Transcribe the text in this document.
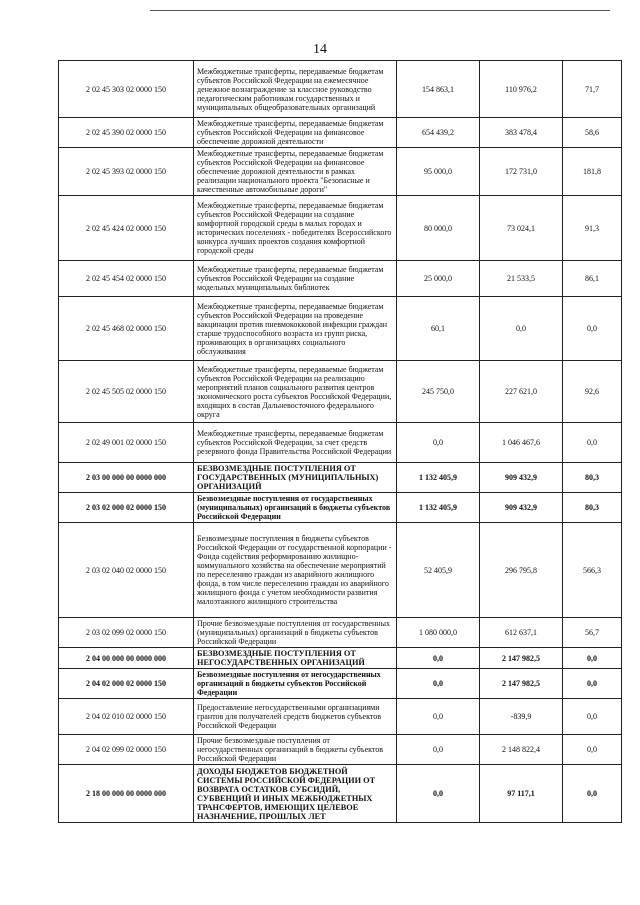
14
2 02 45 303 02 0000 150	Межбюджетные трансферты, передаваемые бюджетам субъектов Российской Федерации на ежемесячное денежное вознаграждение за классное руководство педагогическим работникам государственных и муниципальных общеобразовательных организаций	154 863,1	110 976,2	71,7
2 02 45 390 02 0000 150	Межбюджетные трансферты, передаваемые бюджетам субъектов Российской Федерации на финансовое обеспечение дорожной деятельности	654 439,2	383 478,4	58,6
2 02 45 393 02 0000 150	Межбюджетные трансферты, передаваемые бюджетам субъектов Российской Федерации на финансовое обеспечение дорожной деятельности в рамках реализации национального проекта "Безопасные и качественные автомобильные дороги"	95 000,0	172 731,0	181,8
2 02 45 424 02 0000 150	Межбюджетные трансферты, передаваемые бюджетам субъектов Российской Федерации на создание комфортной городской среды в малых городах и исторических поселениях - победителях Всероссийского конкурса лучших проектов создания комфортной городской среды	80 000,0	73 024,1	91,3
2 02 45 454 02 0000 150	Межбюджетные трансферты, передаваемые бюджетам субъектов Российской Федерации на создание модельных муниципальных библиотек	25 000,0	21 533,5	86,1
2 02 45 468 02 0000 150	Межбюджетные трансферты, передаваемые бюджетам субъектов Российской Федерации на проведение вакцинации против пневмококковой инфекции граждан старше трудоспособного возраста из групп риска, проживающих в организациях социального обслуживания	60,1	0,0	0,0
2 02 45 505 02 0000 150	Межбюджетные трансферты, передаваемые бюджетам субъектов Российской Федерации на реализацию мероприятий планов социального развития центров экономического роста субъектов Российской Федерации, входящих в состав Дальневосточного федерального округа	245 750,0	227 621,0	92,6
2 02 49 001 02 0000 150	Межбюджетные трансферты, передаваемые бюджетам субъектов Российской Федерации, за счет средств резервного фонда Правительства Российской Федерации	0,0	1 046 467,6	0,0
2 03 00 000 00 0000 000	БЕЗВОЗМЕЗДНЫЕ ПОСТУПЛЕНИЯ ОТ ГОСУДАРСТВЕННЫХ (МУНИЦИПАЛЬНЫХ) ОРГАНИЗАЦИЙ	1 132 405,9	909 432,9	80,3
2 03 02 000 02 0000 150	Безвозмездные поступления от государственных (муниципальных) организаций в бюджеты субъектов Российской Федерации	1 132 405,9	909 432,9	80,3
2 03 02 040 02 0000 150	Безвозмездные поступления в бюджеты субъектов Российской Федерации от государственной корпорации - Фонда содействия реформированию жилищно-коммунального хозяйства на обеспечение мероприятий по переселению граждан из аварийного жилищного фонда, в том числе переселению граждан из аварийного жилищного фонда с учетом необходимости развития малоэтажного жилищного строительства	52 405,9	296 795,8	566,3
2 03 02 099 02 0000 150	Прочие безвозмездные поступления от государственных (муниципальных) организаций в бюджеты субъектов Российской Федерации	1 080 000,0	612 637,1	56,7
2 04 00 000 00 0000 000	БЕЗВОЗМЕЗДНЫЕ ПОСТУПЛЕНИЯ ОТ НЕГОСУДАРСТВЕННЫХ ОРГАНИЗАЦИЙ	0,0	2 147 982,5	0,0
2 04 02 000 02 0000 150	Безвозмездные поступления от негосударственных организаций в бюджеты субъектов Российской Федерации	0,0	2 147 982,5	0,0
2 04 02 010 02 0000 150	Предоставление негосударственными организациями грантов для получателей средств бюджетов субъектов Российской Федерации	0,0	-839,9	0,0
2 04 02 099 02 0000 150	Прочие безвозмездные поступления от негосударственных организаций в бюджеты субъектов Российской Федерации	0,0	2 148 822,4	0,0
2 18 00 000 00 0000 000	ДОХОДЫ БЮДЖЕТОВ БЮДЖЕТНОЙ СИСТЕМЫ РОССИЙСКОЙ ФЕДЕРАЦИИ ОТ ВОЗВРАТА ОСТАТКОВ СУБСИДИЙ, СУБВЕНЦИЙ И ИНЫХ МЕЖБЮДЖЕТНЫХ ТРАНСФЕРТОВ, ИМЕЮЩИХ ЦЕЛЕВОЕ НАЗНАЧЕНИЕ, ПРОШЛЫХ ЛЕТ	0,0	97 117,1	0,0
